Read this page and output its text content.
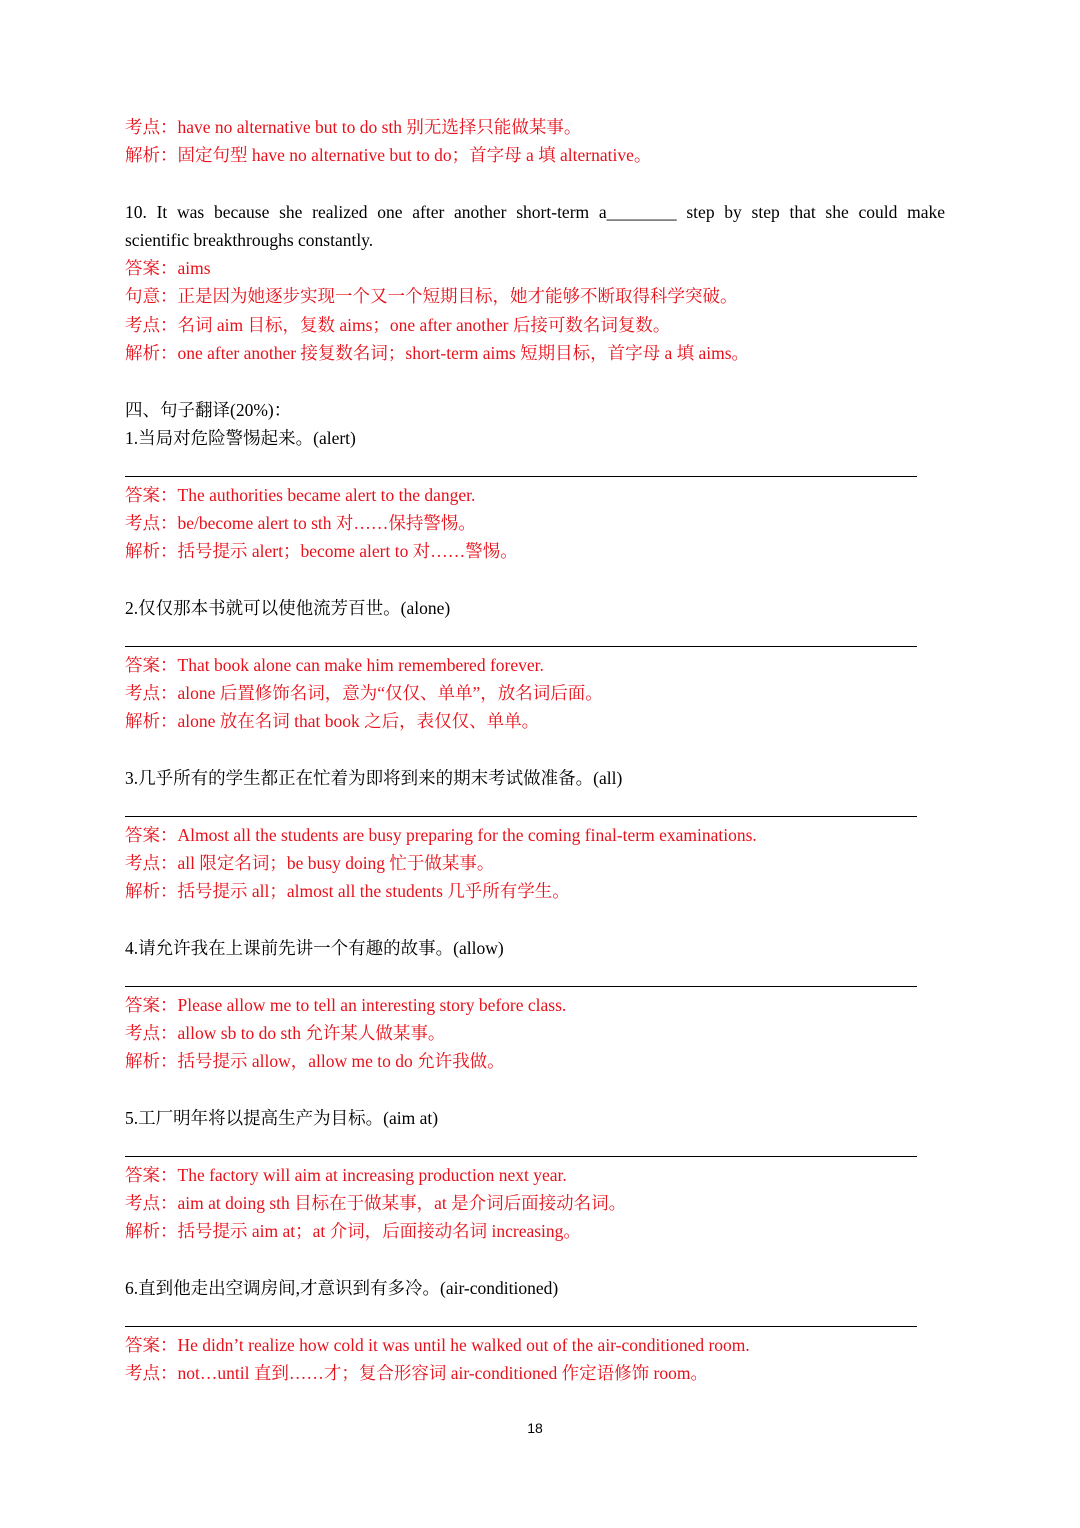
考点：have no alternative but to do sth 别无选择只能做某事。
解析：固定句型 have no alternative but to do；首字母 a 填 alternative。
10. It was because she realized one after another short-term a________ step by step that she could make
scientific breakthroughs constantly.
答案：aims
句意：正是因为她逐步实现一个又一个短期目标，她才能够不断取得科学突破。
考点：名词 aim 目标，复数 aims；one after another 后接可数名词复数。
解析：one after another 接复数名词；short-term aims 短期目标，首字母 a 填 aims。
四、句子翻译(20%)：
1.当局对危险警惕起来。(alert)
答案：The authorities became alert to the danger.
考点：be/become alert to sth 对……保持警惕。
解析：括号提示 alert；become alert to 对……警惕。
2.仅仅那本书就可以使他流芳百世。(alone)
答案：That book alone can make him remembered forever.
考点：alone 后置修饰名词，意为“仅仅、单单”，放名词后面。
解析：alone 放在名词 that book 之后，表仅仅、单单。
3.几乎所有的学生都正在忙着为即将到来的期末考试做准备。(all)
答案：Almost all the students are busy preparing for the coming final-term examinations.
考点：all 限定名词；be busy doing 忙于做某事。
解析：括号提示 all；almost all the students 几乎所有学生。
4.请允许我在上课前先讲一个有趣的故事。(allow)
答案：Please allow me to tell an interesting story before class.
考点：allow sb to do sth 允许某人做某事。
解析：括号提示 allow，allow me to do 允许我做。
5.工厂明年将以提高生产为目标。(aim at)
答案：The factory will aim at increasing production next year.
考点：aim at doing sth 目标在于做某事，at 是介词后面接动名词。
解析：括号提示 aim at；at 介词，后面接动名词 increasing。
6.直到他走出空调房间,才意识到有多冷。(air-conditioned)
答案：He didn’t realize how cold it was until he walked out of the air-conditioned room.
考点：not…until 直到……才；复合形容词 air-conditioned 作定语修饰 room。
18
